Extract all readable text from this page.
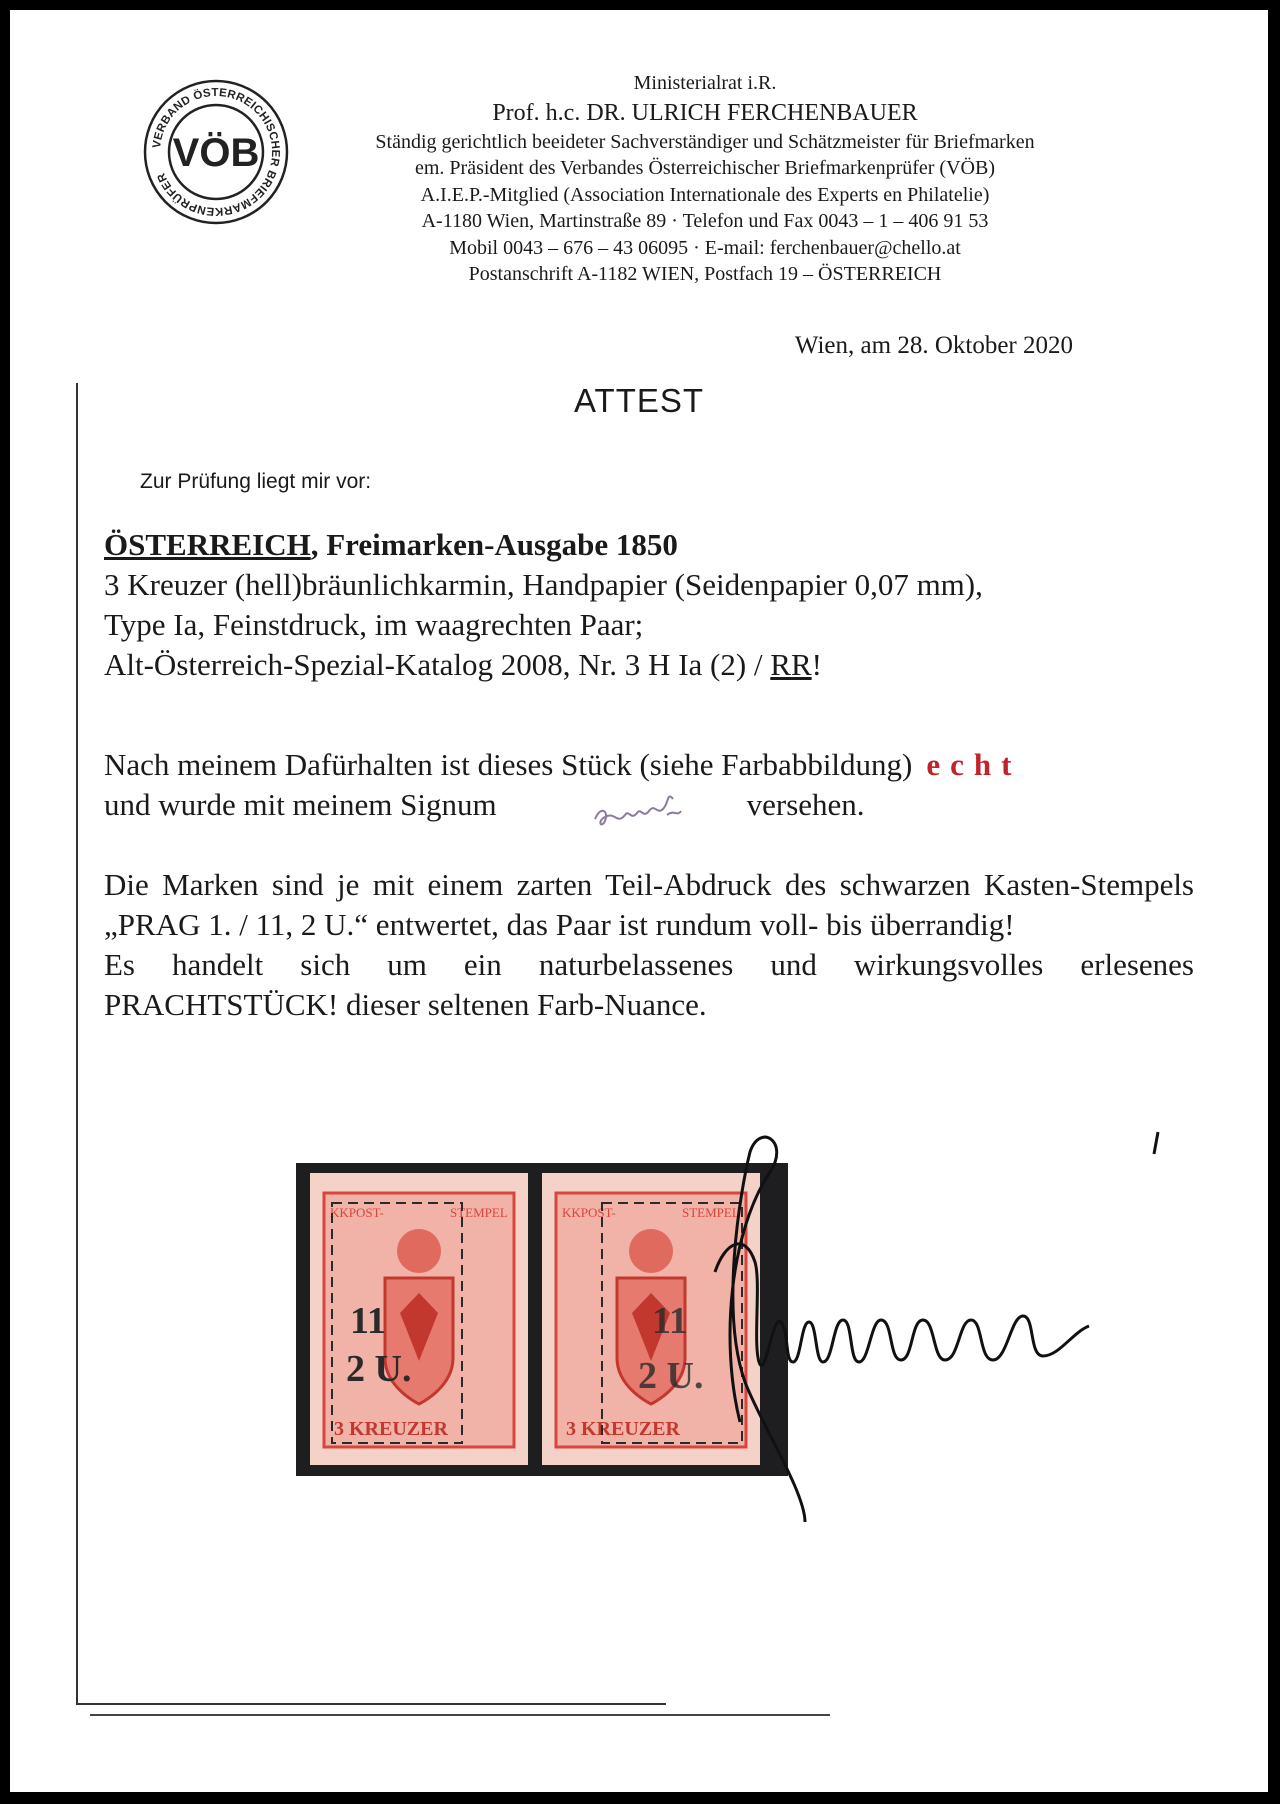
VERBAND ÖSTERREICHISCHER BRIEFMARKENPRÜFER
VÖB
Ministerialrat i.R.
Prof. h.c. DR. ULRICH FERCHENBAUER
Ständig gerichtlich beeideter Sachverständiger und Schätzmeister für Briefmarken
em. Präsident des Verbandes Österreichischer Briefmarkenprüfer (VÖB)
A.I.E.P.-Mitglied (Association Internationale des Experts en Philatelie)
A-1180 Wien, Martinstraße 89 · Telefon und Fax 0043 – 1 – 406 91 53
Mobil 0043 – 676 – 43 06095 · E-mail: ferchenbauer@chello.at
Postanschrift A-1182 WIEN, Postfach 19 – ÖSTERREICH
Wien, am 28. Oktober 2020
ATTEST
Zur Prüfung liegt mir vor:

ÖSTERREICH, Freimarken-Ausgabe 1850

3 Kreuzer (hell)bräunlichkarmin, Handpapier (Seidenpapier 0,07 mm),

Type Ia, Feinstdruck, im waagrechten Paar;

Alt-Österreich-Spezial-Katalog 2008, Nr. 3 H Ia (2) / RR!

Nach meinem Dafürhalten ist dieses Stück (siehe Farbabbildung) echt

und wurde mit meinem Signum	versehen.

Die Marken sind je mit einem zarten Teil-Abdruck des schwarzen Kasten-Stempels „PRAG 1. / 11, 2 U.“ entwertet, das Paar ist rundum voll- bis überrandig!

Es handelt sich um ein naturbelassenes und wirkungsvolles erlesenes PRACHTSTÜCK! dieser seltenen Farb-Nuance.

KKPOST-	STEMPEL
3 KREUZER
11
2 U.
KKPOST-	STEMPEL
3 KREUZER
11
2 U.
